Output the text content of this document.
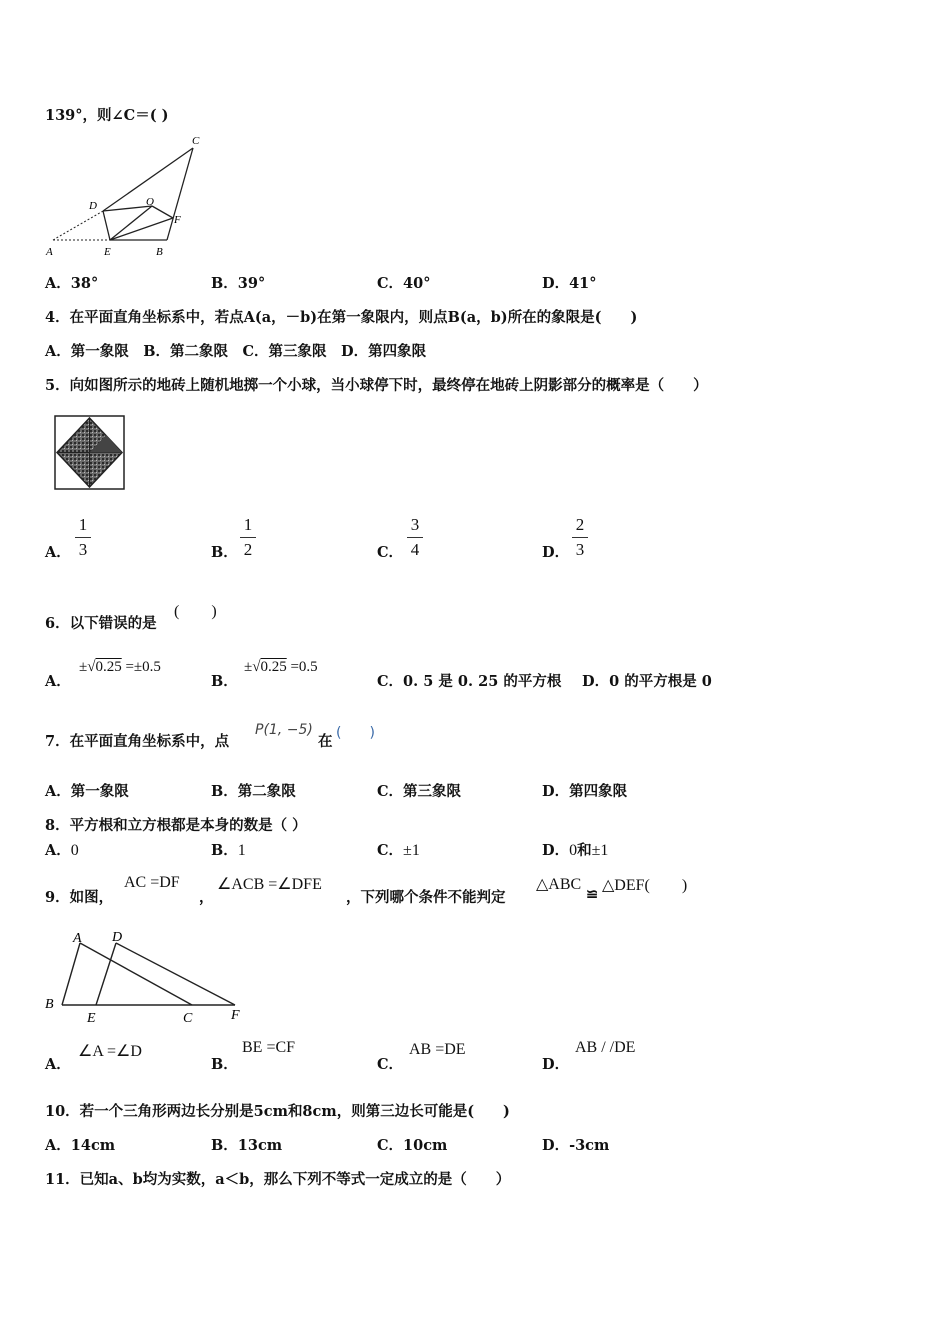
139°，则∠C＝( )
A	E	B
C
D	O
F
A．38°	B．39°	C．40°	D．41°
4．在平面直角坐标系中，若点A(a，－b)在第一象限内，则点B(a，b)所在的象限是(　　)
A．第一象限　B．第二象限　C．第三象限　D．第四象限
5．向如图所示的地砖上随机地掷一个小球，当小球停下时，最终停在地砖上阴影部分的概率是（　　）
A．
1
3	B．
1
2	C．
3
4	D．
2
3
6．以下错误的是
(　　)
A．
±√0.25 =±0.5
B．
±√0.25 =0.5
C．0. 5 是 0. 25 的平方根 D．0 的平方根是 0
7．在平面直角坐标系中，点
P(1, −5)
在 (　　)
A．第一象限	B．第二象限	C．第三象限	D．第四象限
8．平方根和立方根都是本身的数是（ ）
A．0	B．1	C．±1	D．0和±1
9．如图，
AC =DF
，
∠ACB =∠DFE
，下列哪个条件不能判定
△ABC
≌
△DEF(　　)
A D
B
E	C	F
A．
∠A =∠D
B．
BE =CF
C．
AB =DE
D．
AB / /DE
10．若一个三角形两边长分别是5cm和8cm，则第三边长可能是(　　)
A．14cm	B．13cm	C．10cm	D．-3cm
11．已知a、b均为实数，a＜b，那么下列不等式一定成立的是（　　）
